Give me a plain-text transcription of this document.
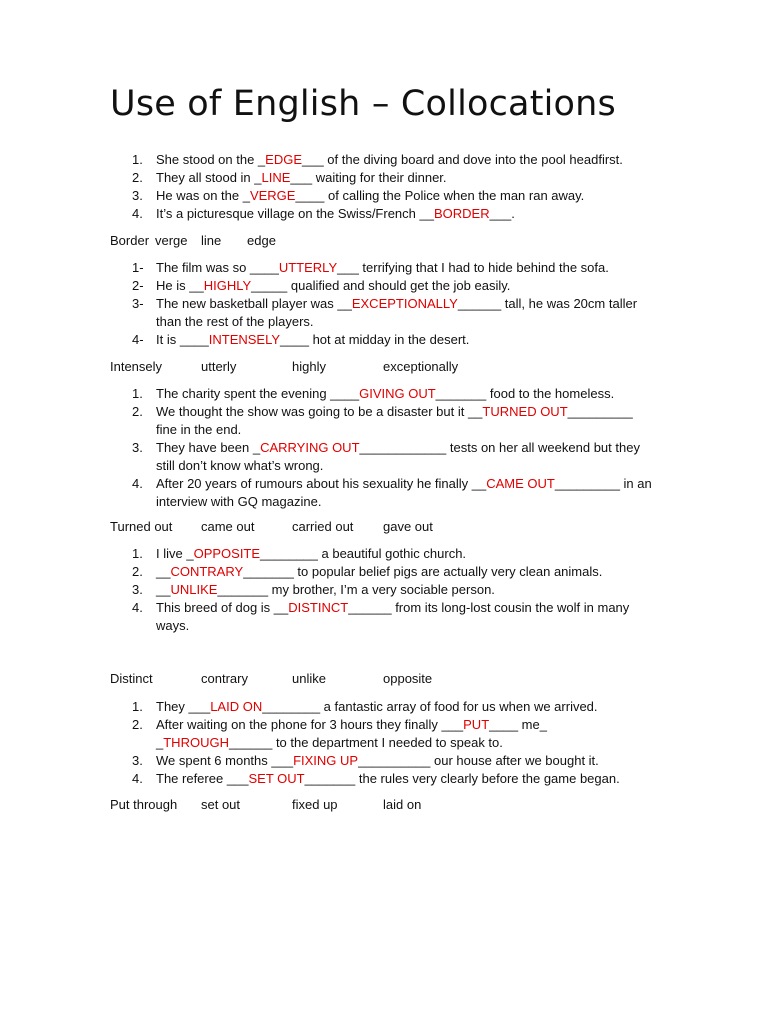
Use of English – Collocations
1. She stood on the _EDGE___ of the diving board and dove into the pool headfirst.
2. They all stood in _LINE___ waiting for their dinner.
3. He was on the _VERGE____ of calling the Police when the man ran away.
4. It’s a picturesque village on the Swiss/French __BORDER___.
Border verge line edge
1- The film was so ____UTTERLY___ terrifying that I had to hide behind the sofa.
2- He is __HIGHLY_____ qualified and should get the job easily.
3- The new basketball player was __EXCEPTIONALLY______ tall, he was 20cm taller than the rest of the players.
4- It is ____INTENSELY____ hot at midday in the desert.
Intensely	utterly	highly	exceptionally
1. The charity spent the evening ____GIVING OUT_______ food to the homeless.
2. We thought the show was going to be a disaster but it __TURNED OUT_________ fine in the end.
3. They have been _CARRYING OUT____________ tests on her all weekend but they still don’t know what’s wrong.
4. After 20 years of rumours about his sexuality he finally __CAME OUT_________ in an interview with GQ magazine.
Turned out came out	carried out gave out
1. I live _OPPOSITE________ a beautiful gothic church.
2. __CONTRARY_______ to popular belief pigs are actually very clean animals.
3. __UNLIKE_______ my brother, I’m a very sociable person.
4. This breed of dog is __DISTINCT______ from its long-lost cousin the wolf in many ways.
Distinct	contrary	unlike	opposite
1. They ___LAID ON________ a fantastic array of food for us when we arrived.
2. After waiting on the phone for 3 hours they finally ___PUT____ me_ _THROUGH______ to the department I needed to speak to.
3. We spent 6 months ___FIXING UP__________ our house after we bought it.
4. The referee ___SET OUT_______ the rules very clearly before the game began.
Put through set out	fixed up	laid on
